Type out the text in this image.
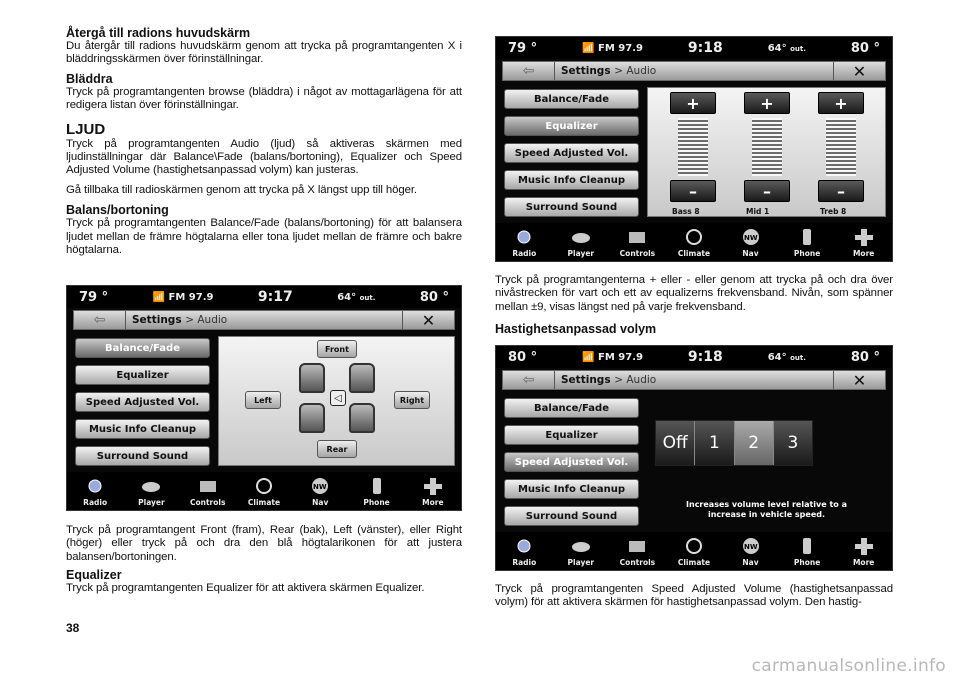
Återgå till radions huvudskärm

Du återgår till radions huvudskärm genom att trycka på programtangenten X i bläddringsskärmen över förinställningar.

Bläddra

Tryck på programtangenten browse (bläddra) i något av mottagarlägena för att redigera listan över förinställningar.

LJUD

Tryck på programtangenten Audio (ljud) så aktiveras skärmen med ljudinställningar där Balance\Fade (balans/bortoning), Equalizer och Speed Adjusted Volume (hastighetsanpassad volym) kan justeras.

Gå tillbaka till radioskärmen genom att trycka på X längst upp till höger.

Balans/bortoning

Tryck på programtangenten Balance/Fade (balans/bortoning) för att balansera ljudet mellan de främre högtalarna eller tona ljudet mellan de främre och bakre högtalarna.

79 °	📶 FM 97.9	9:17	64° out.	80 °
⇦	Settings > Audio	✕
Balance/Fade
Equalizer
Speed Adjusted Vol.
Music Info Cleanup
Surround Sound
Front
Rear
Left	Right
◁
Radio	Player	Controls	Climate
NW
Nav	Phone	More

Tryck på programtangent Front (fram), Rear (bak), Left (vänster), eller Right (höger) eller tryck på och dra den blå högtalarikonen för att justera balansen/bortoningen.

Equalizer

Tryck på programtangenten Equalizer för att aktivera skärmen Equalizer.

79 °	📶 FM 97.9	9:18	64° out.	80 °
⇦	Settings > Audio	✕
Balance/Fade
Equalizer
Speed Adjusted Vol.
Music Info Cleanup
Surround Sound
+
–
+
–
+
–
Bass 8	Mid 1	Treb 8
Radio	Player	Controls	Climate
NW
Nav	Phone	More

Tryck på programtangenterna + eller - eller genom att trycka på och dra över nivåstrecken för vart och ett av equalizerns frekvensband. Nivån, som spänner mellan ±9, visas längst ned på varje frekvensband.

Hastighetsanpassad volym
80 °	📶 FM 97.9	9:18	64° out.	80 °
⇦	Settings > Audio	✕
Balance/Fade
Equalizer
Speed Adjusted Vol.
Music Info Cleanup
Surround Sound
Off	1	2	3
Increases volume level relative to a
increase in vehicle speed.
Radio	Player	Controls	Climate
NW
Nav	Phone	More

Tryck på programtangenten Speed Adjusted Volume (hastighetsanpassad volym) för att aktivera skärmen för hastighetsanpassad volym. Den hastig-

38
carmanualsonline.info
